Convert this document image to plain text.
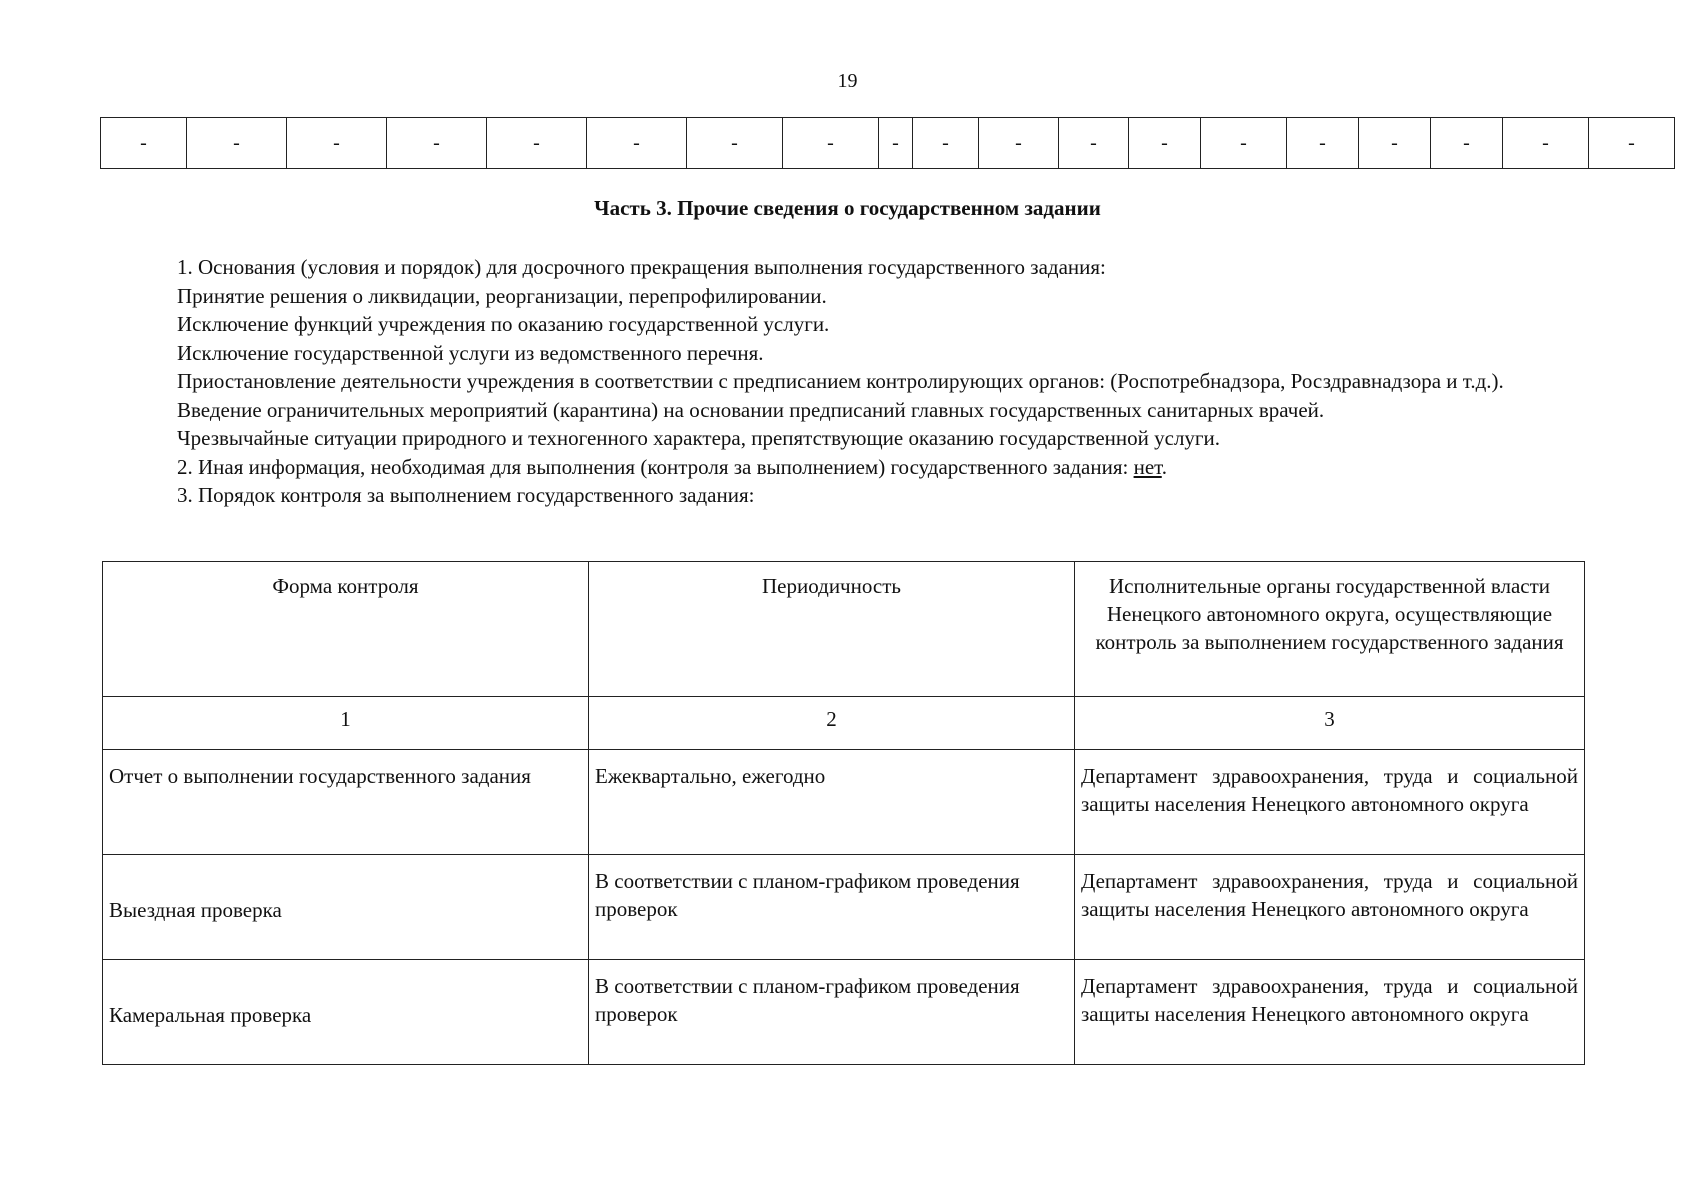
19
-	-	-	-	-	-	-	-	-	-	-	-	-	-	-	-	-	-	-
Часть 3. Прочие сведения о государственном задании

1. Основания (условия и порядок) для досрочного прекращения выполнения государственного задания:

Принятие решения о ликвидации, реорганизации, перепрофилировании.

Исключение функций учреждения по оказанию государственной услуги.

Исключение государственной услуги из ведомственного перечня.

Приостановление деятельности учреждения в соответствии с предписанием контролирующих органов: (Роспотребнадзора, Росздравнадзора и т.д.).

Введение ограничительных мероприятий (карантина) на основании предписаний главных государственных санитарных врачей.

Чрезвычайные ситуации природного и техногенного характера, препятствующие оказанию государственной услуги.

2. Иная информация, необходимая для выполнения (контроля за выполнением) государственного задания: нет.

3. Порядок контроля за выполнением государственного задания:

Форма контроля	Периодичность	Исполнительные органы государственной власти Ненецкого автономного округа, осуществляющие контроль за выполнением государственного задания
1	2	3
Отчет о выполнении государственного задания	Ежеквартально, ежегодно	Департамент здравоохранения, труда и социальной защиты населения Ненецкого автономного округа
Выездная проверка	В соответствии с планом-графиком проведения проверок	Департамент здравоохранения, труда и социальной защиты населения Ненецкого автономного округа
Камеральная проверка	В соответствии с планом-графиком проведения проверок	Департамент здравоохранения, труда и социальной защиты населения Ненецкого автономного округа
